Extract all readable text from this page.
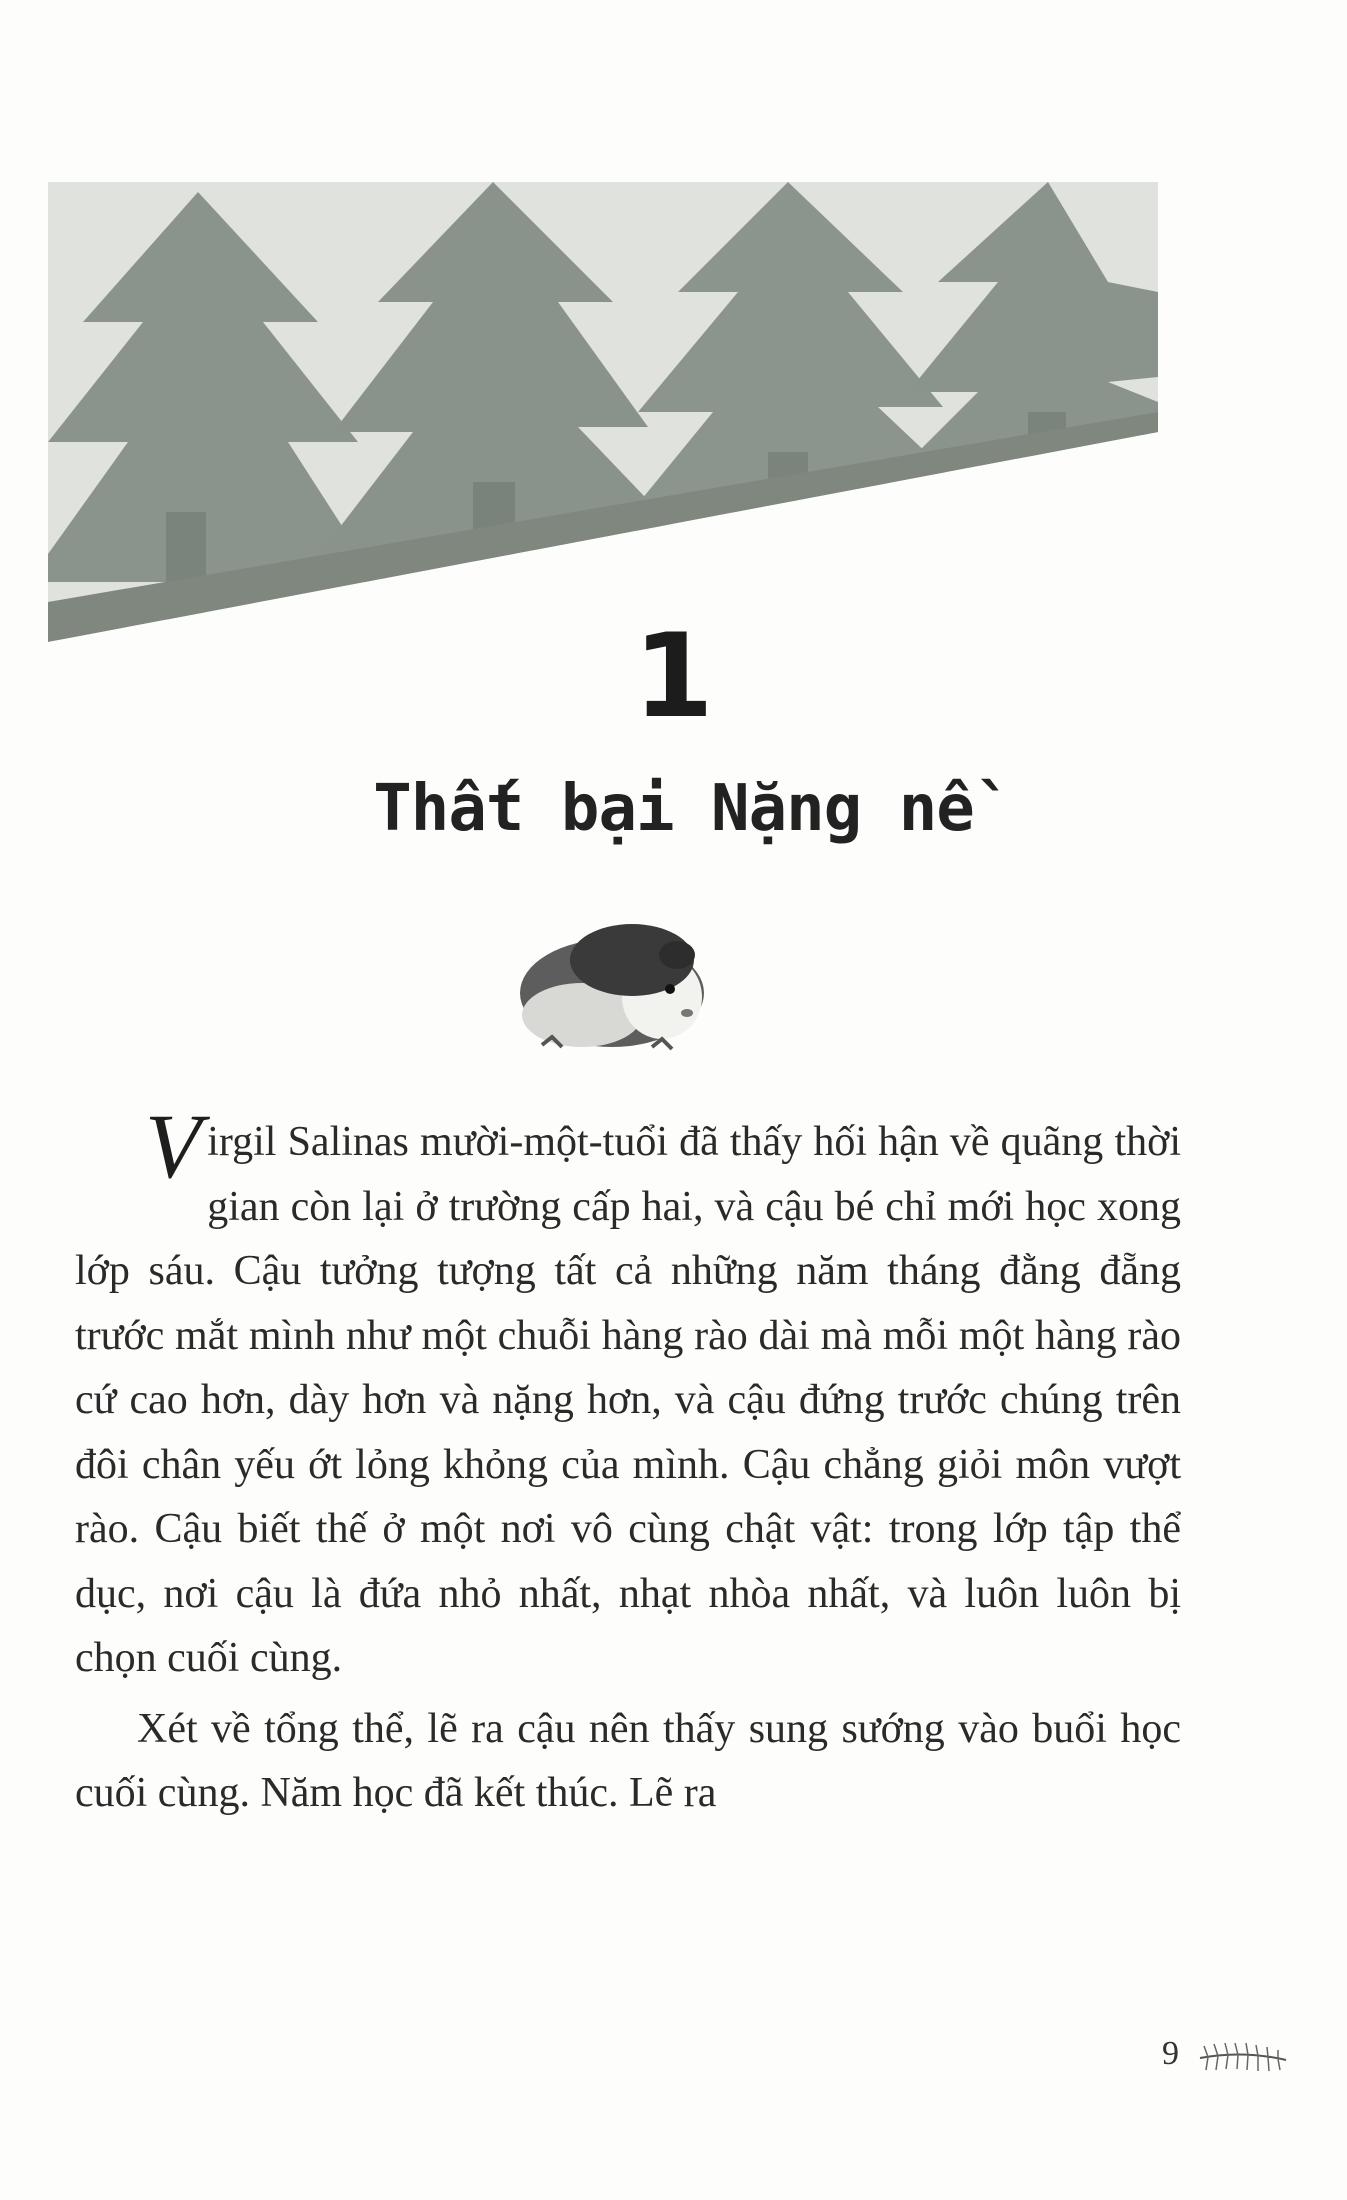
1
Thất bại Nặng nề

Virgil Salinas mười-một-tuổi đã thấy hối hận về quãng thời gian còn lại ở trường cấp hai, và cậu bé chỉ mới học xong lớp sáu. Cậu tưởng tượng tất cả những năm tháng đằng đẵng trước mắt mình như một chuỗi hàng rào dài mà mỗi một hàng rào cứ cao hơn, dày hơn và nặng hơn, và cậu đứng trước chúng trên đôi chân yếu ớt lỏng khỏng của mình. Cậu chẳng giỏi môn vượt rào. Cậu biết thế ở một nơi vô cùng chật vật: trong lớp tập thể dục, nơi cậu là đứa nhỏ nhất, nhạt nhòa nhất, và luôn luôn bị chọn cuối cùng.

Xét về tổng thể, lẽ ra cậu nên thấy sung sướng vào buổi học cuối cùng. Năm học đã kết thúc. Lẽ ra

9
